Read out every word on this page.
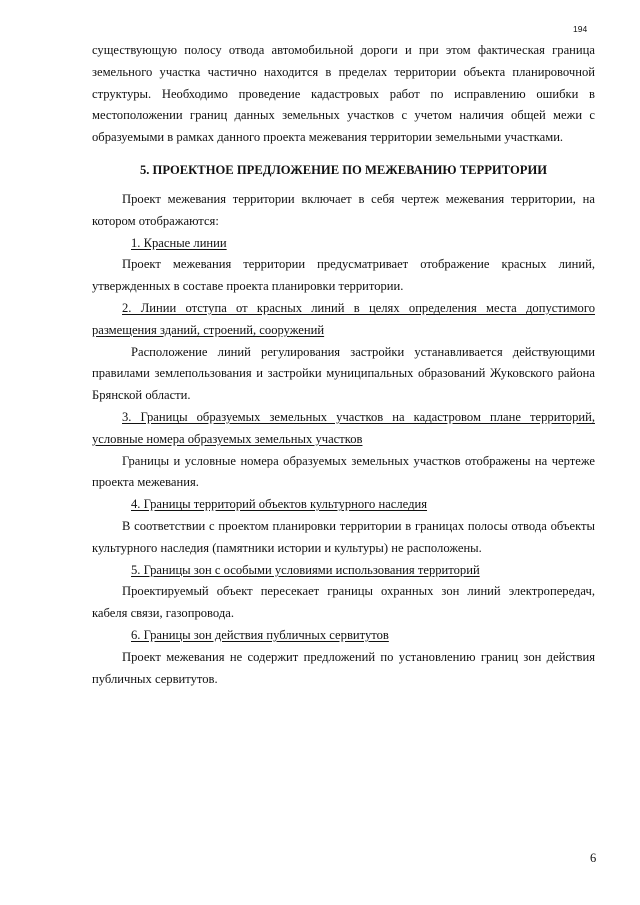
194

существующую полосу отвода автомобильной дороги и при этом фактическая граница земельного участка частично находится в пределах территории объекта планировочной структуры. Необходимо проведение кадастровых работ по исправлению ошибки в местоположении границ данных земельных участков с учетом наличия общей межи с образуемыми в рамках данного проекта межевания территории земельными участками.

5. ПРОЕКТНОЕ ПРЕДЛОЖЕНИЕ ПО МЕЖЕВАНИЮ ТЕРРИТОРИИ

Проект межевания территории включает в себя чертеж межевания территории, на котором отображаются:

1. Красные линии

Проект межевания территории предусматривает отображение красных линий, утвержденных в составе проекта планировки территории.

2. Линии отступа от красных линий в целях определения места допустимого размещения зданий, строений, сооружений

Расположение линий регулирования застройки устанавливается действующими правилами землепользования и застройки муниципальных образований Жуковского района Брянской области.

3. Границы образуемых земельных участков на кадастровом плане территорий, условные номера образуемых земельных участков

Границы и условные номера образуемых земельных участков отображены на чертеже проекта межевания.

4. Границы территорий объектов культурного наследия

В соответствии с проектом планировки территории в границах полосы отвода объекты культурного наследия (памятники истории и культуры) не расположены.

5. Границы зон с особыми условиями использования территорий

Проектируемый объект пересекает границы охранных зон линий электропередач, кабеля связи, газопровода.

6. Границы зон действия публичных сервитутов

Проект межевания не содержит предложений по установлению границ зон действия публичных сервитутов.

6
